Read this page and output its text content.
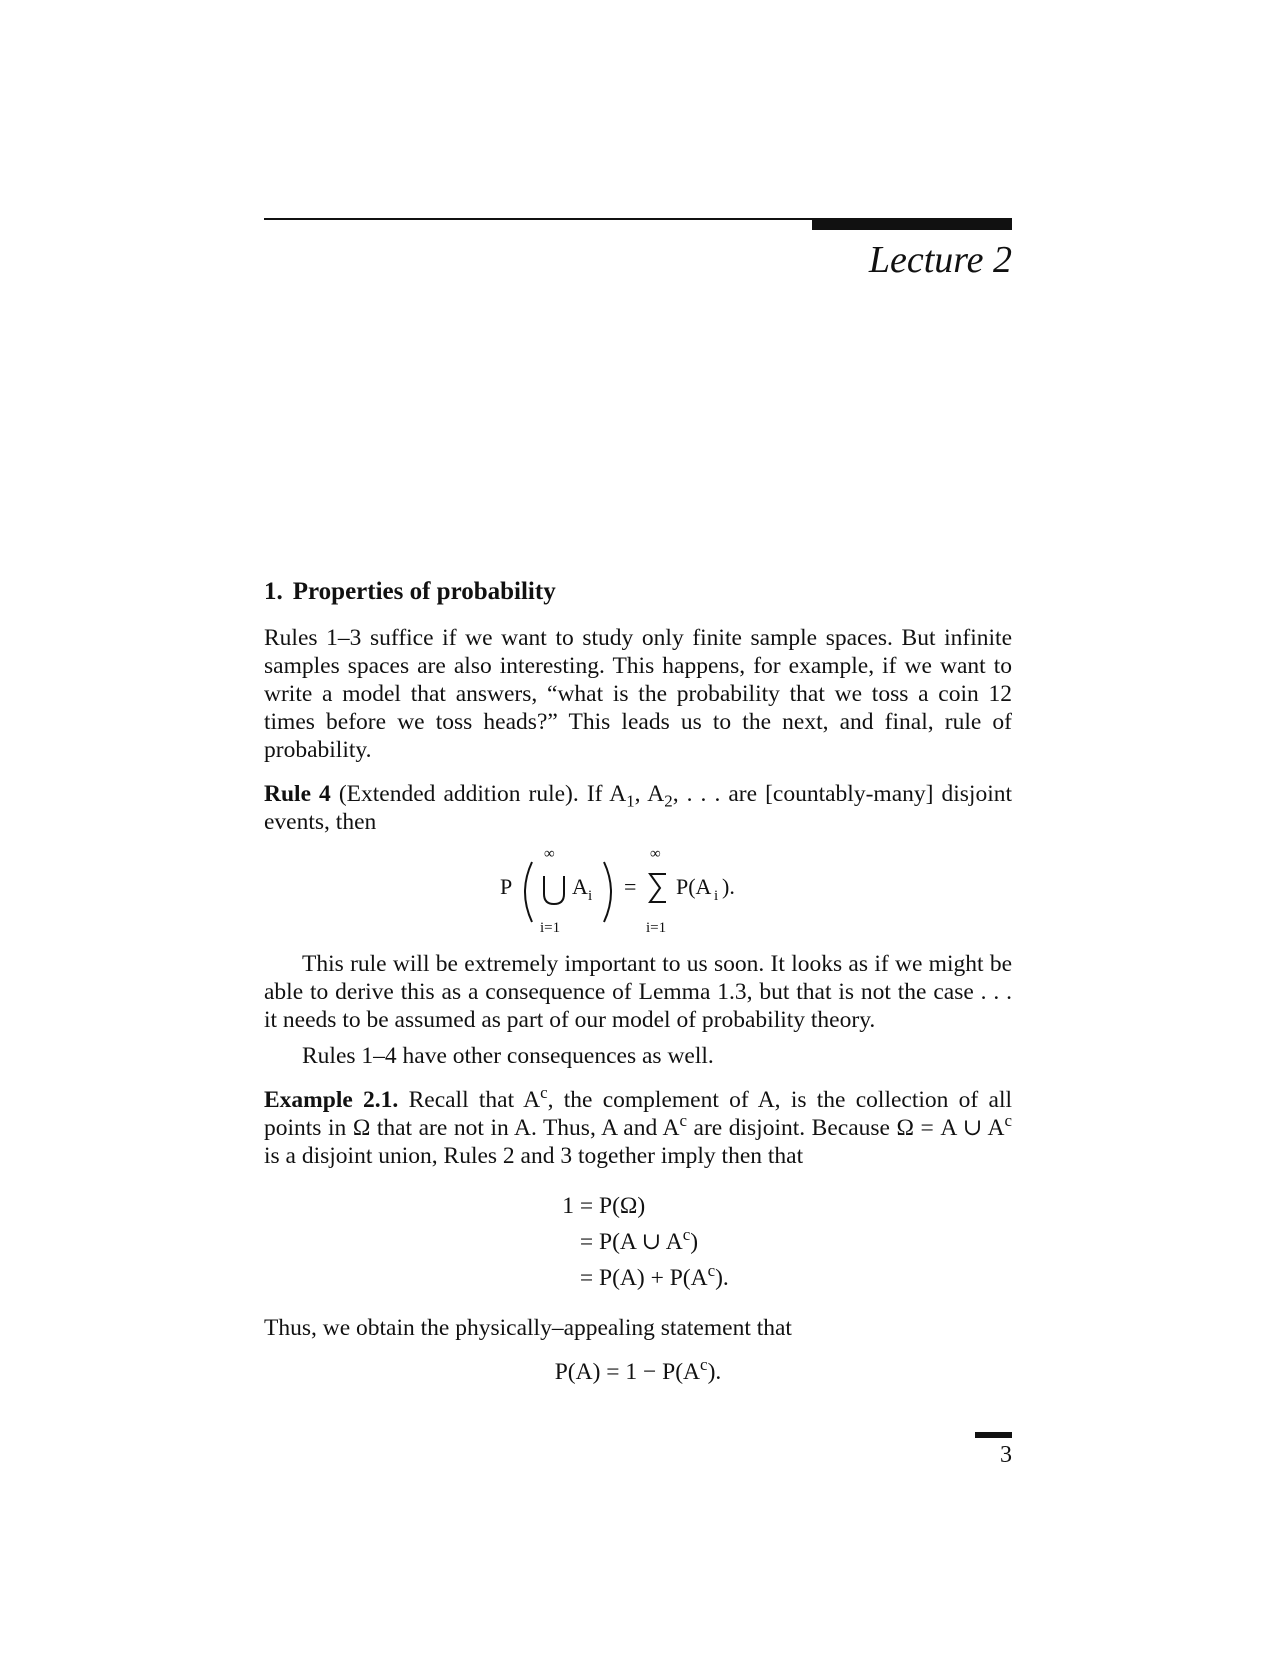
Lecture 2
1. Properties of probability

Rules 1–3 suffice if we want to study only finite sample spaces. But infinite samples spaces are also interesting. This happens, for example, if we want to write a model that answers, “what is the probability that we toss a coin 12 times before we toss heads?” This leads us to the next, and final, rule of probability.

Rule 4 (Extended addition rule). If $A_1$, $A_2$, . . . are [countably-many] disjoint events, then

P
∞
i=1
A i =
∞
i=1
P(A i ).

This rule will be extremely important to us soon. It looks as if we might be able to derive this as a consequence of Lemma 1.3, but that is not the case . . . it needs to be assumed as part of our model of probability theory.

Rules 1–4 have other consequences as well.

Example 2.1. Recall that $A^c$, the complement of A, is the collection of all points in Ω that are not in A. Thus, A and $A^c$ are disjoint. Because Ω = A ∪ $A^c$ is a disjoint union, Rules 2 and 3 together imply then that

1 = P(Ω)
= P(A ∪ $A^c$)
= $P(A) + P(A^c)$.

Thus, we obtain the physically–appealing statement that

$P(A) = 1 - P(A^c)$.
3
